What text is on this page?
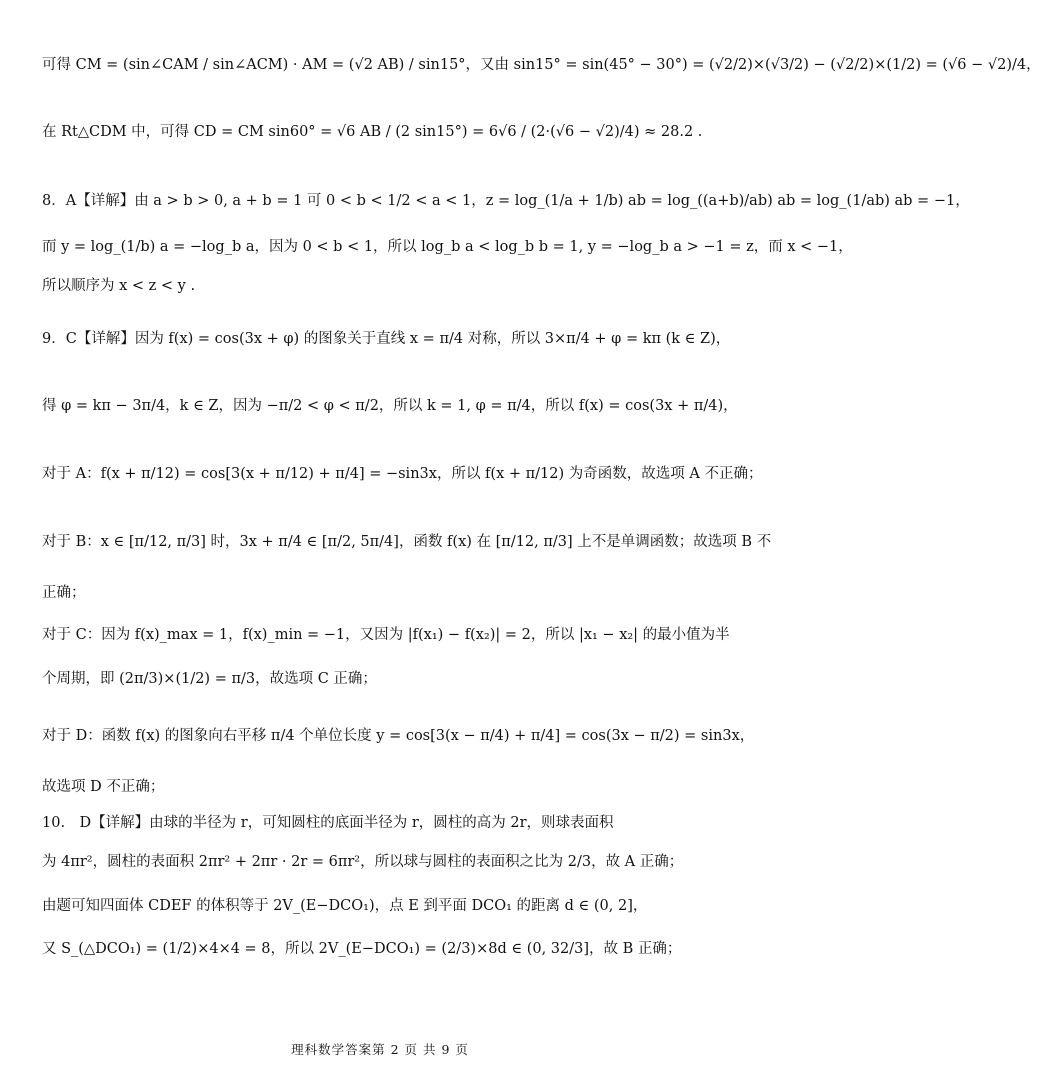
可得 CM = (sin∠CAM / sin∠ACM) · AM = (√2 AB) / sin15°，又由 sin15° = sin(45° − 30°) = (√2/2)×(√3/2) − (√2/2)×(1/2) = (√6 − √2)/4，
在 Rt△CDM 中，可得 CD = CM sin60° = √6 AB / (2 sin15°) = 6√6 / (2·(√6 − √2)/4) ≈ 28.2 .
8．A【详解】由 a > b > 0, a + b = 1 可 0 < b < 1/2 < a < 1，z = log_(1/a + 1/b) ab = log_((a+b)/ab) ab = log_(1/ab) ab = −1，
而 y = log_(1/b) a = −log_b a，因为 0 < b < 1，所以 log_b a < log_b b = 1, y = −log_b a > −1 = z，而 x < −1，
所以顺序为 x < z < y .
9．C【详解】因为 f(x) = cos(3x + φ) 的图象关于直线 x = π/4 对称，所以 3×π/4 + φ = kπ (k ∈ Z)，
得 φ = kπ − 3π/4，k ∈ Z，因为 −π/2 < φ < π/2，所以 k = 1, φ = π/4，所以 f(x) = cos(3x + π/4)，
对于 A：f(x + π/12) = cos[3(x + π/12) + π/4] = −sin3x，所以 f(x + π/12) 为奇函数，故选项 A 不正确；
对于 B：x ∈ [π/12, π/3] 时，3x + π/4 ∈ [π/2, 5π/4]，函数 f(x) 在 [π/12, π/3] 上不是单调函数；故选项 B 不
正确；
对于 C：因为 f(x)_max = 1，f(x)_min = −1，又因为 |f(x₁) − f(x₂)| = 2，所以 |x₁ − x₂| 的最小值为半
个周期，即 (2π/3)×(1/2) = π/3，故选项 C 正确；
对于 D：函数 f(x) 的图象向右平移 π/4 个单位长度 y = cos[3(x − π/4) + π/4] = cos(3x − π/2) = sin3x，
故选项 D 不正确；
10.　D【详解】由球的半径为 r，可知圆柱的底面半径为 r，圆柱的高为 2r，则球表面积
为 4πr²，圆柱的表面积 2πr² + 2πr · 2r = 6πr²，所以球与圆柱的表面积之比为 2/3，故 A 正确；
由题可知四面体 CDEF 的体积等于 2V_(E−DCO₁)，点 E 到平面 DCO₁ 的距离 d ∈ (0, 2]，
又 S_(△DCO₁) = (1/2)×4×4 = 8，所以 2V_(E−DCO₁) = (2/3)×8d ∈ (0, 32/3]，故 B 正确；
理科数学答案第 2 页 共 9 页
